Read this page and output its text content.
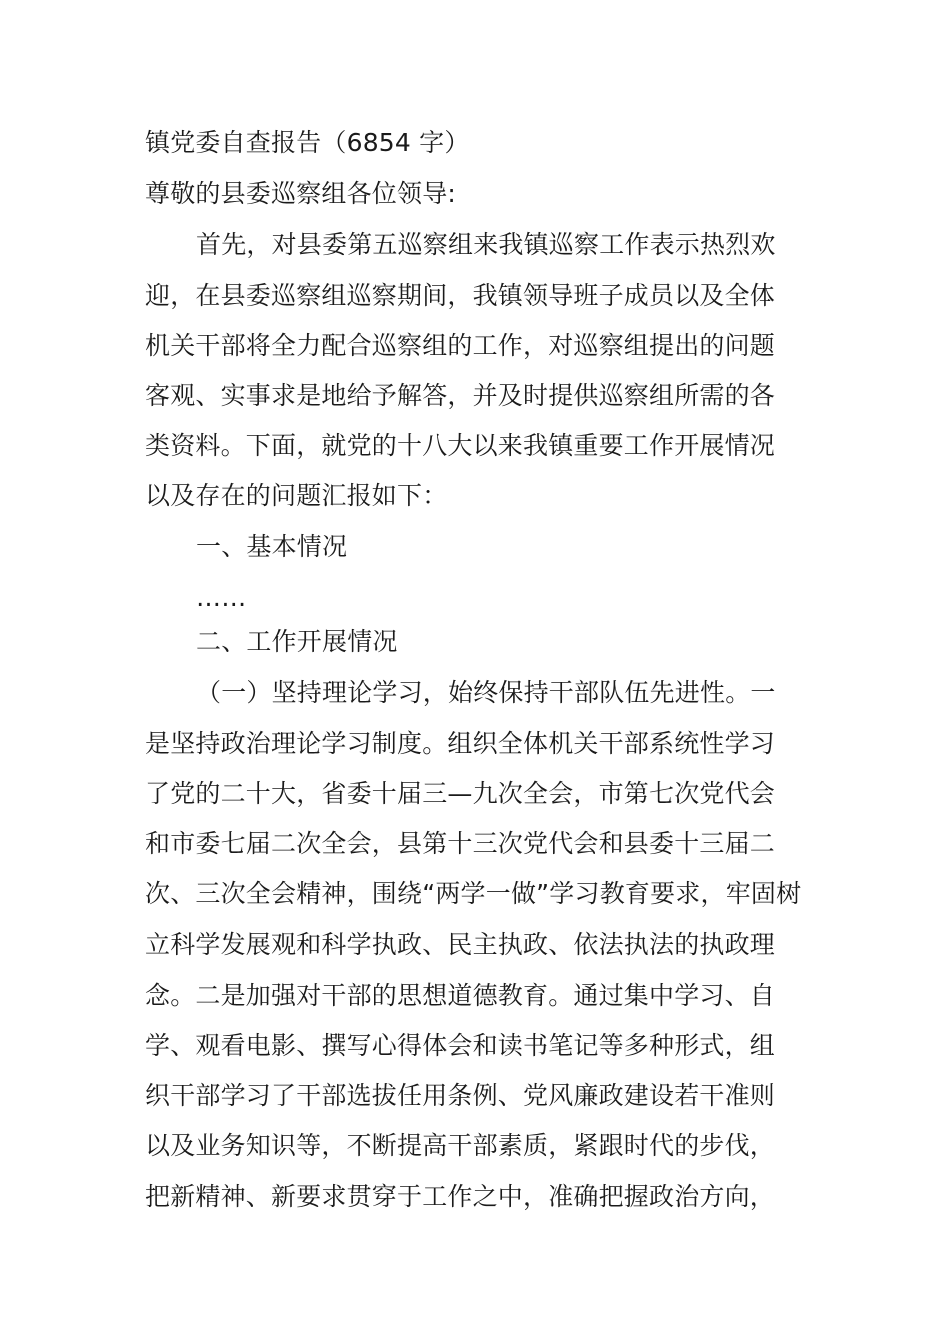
镇党委自查报告（6854 字）
尊敬的县委巡察组各位领导:
首先，对县委第五巡察组来我镇巡察工作表示热烈欢
迎，在县委巡察组巡察期间，我镇领导班子成员以及全体
机关干部将全力配合巡察组的工作，对巡察组提出的问题
客观、实事求是地给予解答，并及时提供巡察组所需的各
类资料。下面，就党的十八大以来我镇重要工作开展情况
以及存在的问题汇报如下：
一、基本情况
……
二、工作开展情况
（一）坚持理论学习，始终保持干部队伍先进性。一
是坚持政治理论学习制度。组织全体机关干部系统性学习
了党的二十大，省委十届三—九次全会，市第七次党代会
和市委七届二次全会，县第十三次党代会和县委十三届二
次、三次全会精神，围绕“两学一做”学习教育要求，牢固树
立科学发展观和科学执政、民主执政、依法执法的执政理
念。二是加强对干部的思想道德教育。通过集中学习、自
学、观看电影、撰写心得体会和读书笔记等多种形式，组
织干部学习了干部选拔任用条例、党风廉政建设若干准则
以及业务知识等，不断提高干部素质，紧跟时代的步伐，
把新精神、新要求贯穿于工作之中，准确把握政治方向，
